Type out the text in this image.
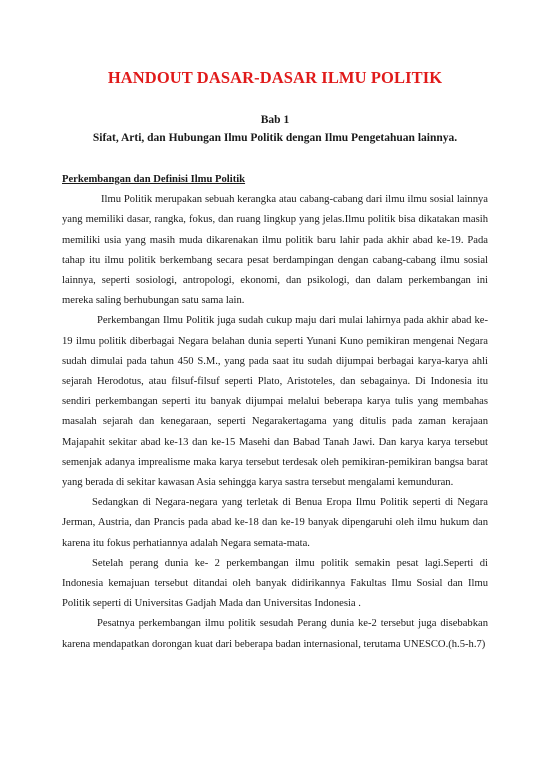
HANDOUT DASAR-DASAR ILMU POLITIK
Bab 1
Sifat, Arti, dan Hubungan Ilmu Politik dengan Ilmu Pengetahuan lainnya.
Perkembangan dan Definisi Ilmu Politik

Ilmu Politik merupakan sebuah kerangka atau cabang-cabang dari ilmu ilmu sosial lainnya yang memiliki dasar, rangka, fokus, dan ruang lingkup yang jelas.Ilmu politik bisa dikatakan masih memiliki usia yang masih muda dikarenakan ilmu politik baru lahir pada akhir abad ke-19. Pada tahap itu ilmu politik berkembang secara pesat berdampingan dengan cabang-cabang ilmu sosial lainnya, seperti sosiologi, antropologi, ekonomi, dan psikologi, dan dalam perkembangan ini mereka saling berhubungan satu sama lain.

Perkembangan Ilmu Politik juga sudah cukup maju dari mulai lahirnya pada akhir abad ke-19 ilmu politik diberbagai Negara belahan dunia seperti Yunani Kuno pemikiran mengenai Negara sudah dimulai pada tahun 450 S.M., yang pada saat itu sudah dijumpai berbagai karya-karya ahli sejarah Herodotus, atau filsuf-filsuf seperti Plato, Aristoteles, dan sebagainya. Di Indonesia itu sendiri perkembangan seperti itu banyak dijumpai melalui beberapa karya tulis yang membahas masalah sejarah dan kenegaraan, seperti Negarakertagama yang ditulis pada zaman kerajaan Majapahit sekitar abad ke-13 dan ke-15 Masehi dan Babad Tanah Jawi. Dan karya karya tersebut semenjak adanya imprealisme maka karya tersebut terdesak oleh pemikiran-pemikiran bangsa barat yang berada di sekitar kawasan Asia sehingga karya sastra tersebut mengalami kemunduran.

Sedangkan di Negara-negara yang terletak di Benua Eropa Ilmu Politik seperti di Negara Jerman, Austria, dan Prancis pada abad ke-18 dan ke-19 banyak dipengaruhi oleh ilmu hukum dan karena itu fokus perhatiannya adalah Negara semata-mata.

Setelah perang dunia ke- 2 perkembangan ilmu politik semakin pesat lagi.Seperti di Indonesia kemajuan tersebut ditandai oleh banyak didirikannya Fakultas Ilmu Sosial dan Ilmu Politik seperti di Universitas Gadjah Mada dan Universitas Indonesia .

Pesatnya perkembangan ilmu politik sesudah Perang dunia ke-2 tersebut juga disebabkan karena mendapatkan dorongan kuat dari beberapa badan internasional, terutama UNESCO.(h.5-h.7)
